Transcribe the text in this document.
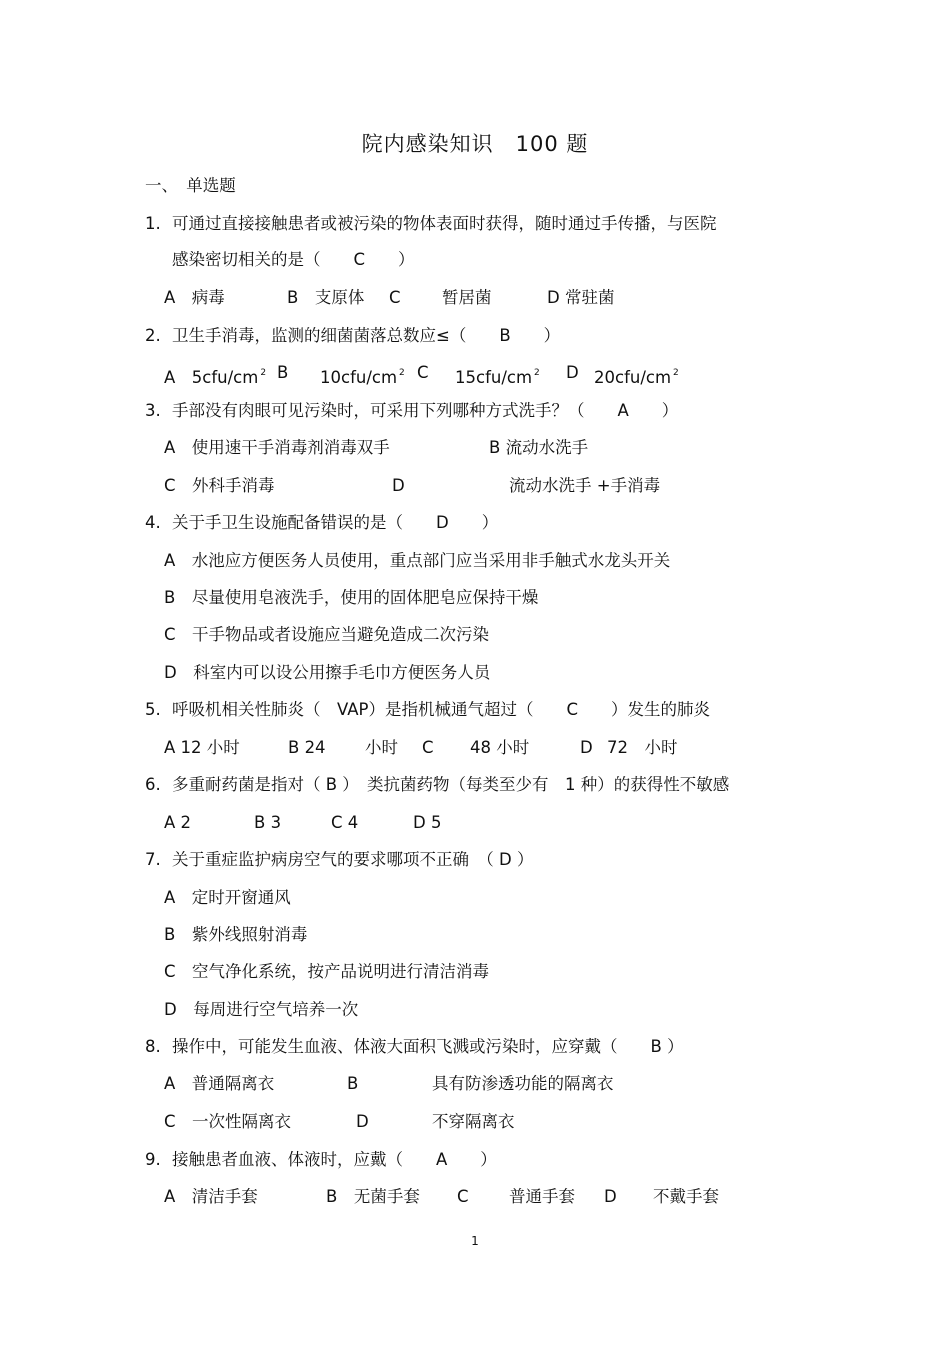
院内感染知识　100 题
一、　单选题
1. 可通过直接接触患者或被污染的物体表面时获得，随时通过手传播，与医院
感染密切相关的是（　　C　　）
A　病毒	B　支原体 C	暂居菌	D 常驻菌
2. 卫生手消毒，监测的细菌菌落总数应≤（　　B　　）
A　5cfu/cm $^2$ B 10cfu/cm $^2$ C 15cfu/cm $^2$ D 20cfu/cm $^2$
3. 手部没有肉眼可见污染时，可采用下列哪种方式洗手？（　　A　　）
A　使用速干手消毒剂消毒双手	B 流动水洗手
C　外科手消毒	D	流动水洗手 +手消毒
4. 关于手卫生设施配备错误的是（　　D　　）
A　水池应方便医务人员使用，重点部门应当采用非手触式水龙头开关
B　尽量使用皂液洗手，使用的固体肥皂应保持干燥
C　干手物品或者设施应当避免造成二次污染
D　科室内可以设公用擦手毛巾方便医务人员
5. 呼吸机相关性肺炎（　VAP）是指机械通气超过（　　C　　）发生的肺炎
A 12 小时	B 24 小时 C 48 小时	D 72　小时
6. 多重耐药菌是指对（ B ）　类抗菌药物（每类至少有　1 种）的获得性不敏感
A 2	B 3	C 4	D 5
7. 关于重症监护病房空气的要求哪项不正确　（ D ）
A　定时开窗通风
B　紫外线照射消毒
C　空气净化系统，按产品说明进行清洁消毒
D　每周进行空气培养一次
8. 操作中，可能发生血液、体液大面积飞溅或污染时，应穿戴（　　B ）
A　普通隔离衣	B	具有防渗透功能的隔离衣
C　一次性隔离衣	D	不穿隔离衣
9. 接触患者血液、体液时，应戴（　　A　　）
A　清洁手套	B　无菌手套 C 普通手套 D 不戴手套
1
